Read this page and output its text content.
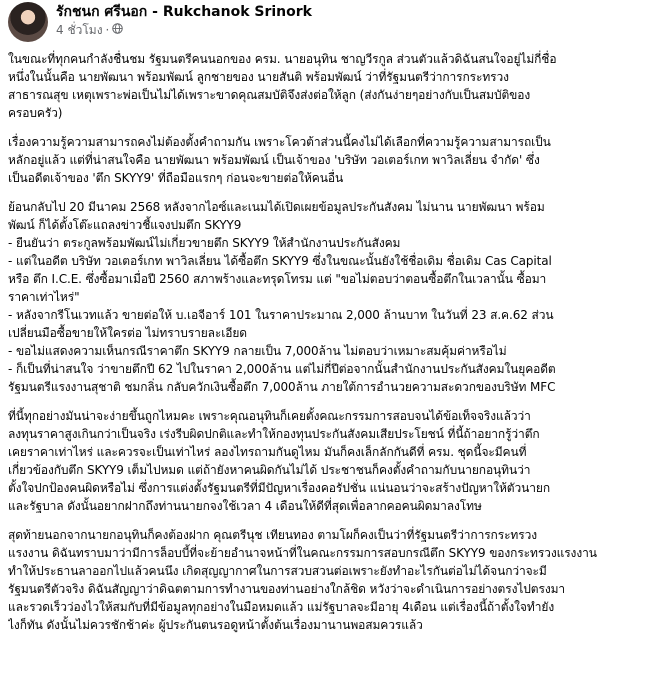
รักชนก ศรีนอก - Rukchanok Srinork
4 ชั่วโมง ·
ในขณะที่ทุกคนกำลังชื่นชม รัฐมนตรีคนนอกของ ครม. นายอนุทิน ชาญวีรกูล ส่วนตัวแล้วดิฉันสนใจอยู่ไม่กี่ชื่อ
หนึ่งในนั้นคือ นายพัฒนา พร้อมพัฒน์ ลูกชายของ นายสันติ พร้อมพัฒน์ ว่าที่รัฐมนตรีว่าการกระทรวง
สาธารณสุข เหตุเพราะพ่อเป็นไม่ได้เพราะขาดคุณสมบัติจึงส่งต่อให้ลูก (ส่งกันง่ายๆอย่างกับเป็นสมบัติของ
ครอบครัว)
เรื่องความรู้ความสามารถคงไม่ต้องตั้งคำถามกัน เพราะโควต้าส่วนนี้คงไม่ได้เลือกที่ความรู้ความสามารถเป็น
หลักอยู่แล้ว แต่ที่น่าสนใจคือ นายพัฒนา พร้อมพัฒน์ เป็นเจ้าของ 'บริษัท วอเตอร์เกท พาวิลเลี่ยน จำกัด' ซึ่ง
เป็นอดีตเจ้าของ 'ตึก SKYY9' ที่ถือมือแรกๆ ก่อนจะขายต่อให้คนอื่น
ย้อนกลับไป 20 มีนาคม 2568 หลังจากไอซ์และเนมได้เปิดเผยข้อมูลประกันสังคม ไม่นาน นายพัฒนา พร้อม
พัฒน์ ก็ได้ตั้งโต๊ะแถลงข่าวชี้แจงปมตึก SKYY9
- ยืนยันว่า ตระกูลพร้อมพัฒน์ไม่เกี่ยวขายตึก SKYY9 ให้สำนักงานประกันสังคม
- แต่ในอดีต บริษัท วอเตอร์เกท พาวิลเลี่ยน ได้ซื้อตึก SKYY9 ซึ่งในขณะนั้นยังใช้ชื่อเดิม ชื่อเดิม Cas Capital
หรือ ตึก I.C.E. ซึ่งซื้อมาเมื่อปี 2560 สภาพร้างและทรุดโทรม แต่ "ขอไม่ตอบว่าตอนซื้อตึกในเวลานั้น ซื้อมา
ราคาเท่าไหร่"
- หลังจากรีโนเวทแล้ว ขายต่อให้ บ.เอจีอาร์ 101 ในราคาประมาณ 2,000 ล้านบาท ในวันที่ 23 ส.ค.62 ส่วน
เปลี่ยนมือซื้อขายให้ใครต่อ ไม่ทราบรายละเอียด
- ขอไม่แสดงความเห็นกรณีราคาตึก SKYY9 กลายเป็น 7,000ล้าน ไม่ตอบว่าเหมาะสมคุ้มค่าหรือไม่
- ก็เป็นที่น่าสนใจ ว่าขายตึกปี 62 ไปในราคา 2,000ล้าน แต่ไม่กี่ปีต่อจากนั้นสำนักงานประกันสังคมในยุคอดีต
รัฐมนตรีแรงงานสุชาติ ชมกลิ่น กลับควักเงินซื้อตึก 7,000ล้าน ภายใต้การอำนวยความสะดวกของบริษัท MFC
ที่นี้ทุกอย่างมันน่าจะง่ายขึ้นถูกไหมคะ เพราะคุณอนุทินก็เคยตั้งคณะกรรมการสอบจนได้ข้อเท็จจริงแล้วว่า
ลงทุนราคาสูงเกินกว่าเป็นจริง เร่งรีบผิดปกติและทำให้กองทุนประกันสังคมเสียประโยชน์ ที่นี้ถ้าอยากรู้ว่าตึก
เคยราคาเท่าไหร่ และควรจะเป็นเท่าไหร่ ลองไทรถามกันดูไหม มันก็คงเล็กลักกันดีที่ ครม. ชุดนี้จะมีคนที่
เกี่ยวข้องกับตึก SKYY9 เต็มไปหมด แต่ถ้ายังหาคนผิดกันไม่ได้ ประชาชนก็คงตั้งคำถามกับนายกอนุทินว่า
ตั้งใจปกป้องคนผิดหรือไม่ ซึ่งการแต่งตั้งรัฐมนตรีที่มีปัญหาเรื่องคอรัปชั่น แน่นอนว่าจะสร้างปัญหาให้ตัวนายก
และรัฐบาล ดังนั้นอยากฝากถึงท่านนายกจงใช้เวลา 4 เดือนให้ดีที่สุดเพื่อลากคอคนผิดมาลงโทษ
สุดท้ายนอกจากนายกอนุทินก็คงต้องฝาก คุณตรีนุช เทียนทอง ตามโผก็คงเป็นว่าที่รัฐมนตรีว่าการกระทรวง
แรงงาน ดิฉันทราบมาว่ามีการล็อบบี้ที่จะย้ายอำนาจหน้าที่ในคณะกรรมการสอบกรณีตึก SKYY9 ของกระทรวงแรงงาน
ทำให้ประธานลาออกไปแล้วคนนึง เกิดสุญญากาศในการสวบสวนต่อเพราะยังทำอะไรกันต่อไม่ได้จนกว่าจะมี
รัฐมนตรีตัวจริง ดิฉันสัญญาว่าดิฉตตามการทำงานของท่านอย่างใกล้ชิด หวังว่าจะดำเนินการอย่างตรงไปตรงมา
และรวดเร็วว่องไวให้สมกับที่มีข้อมูลทุกอย่างในมือหมดแล้ว แม่รัฐบาลจะมีอายุ 4เดือน แต่เรื่องนี้ถ้าตั้งใจทำยัง
ไงก็ทัน ดังนั้นไม่ควรชักช้าค่ะ ผู้ประกันตนรอดูหน้าตั้งต้นเรื่องมานานพอสมควรแล้ว
